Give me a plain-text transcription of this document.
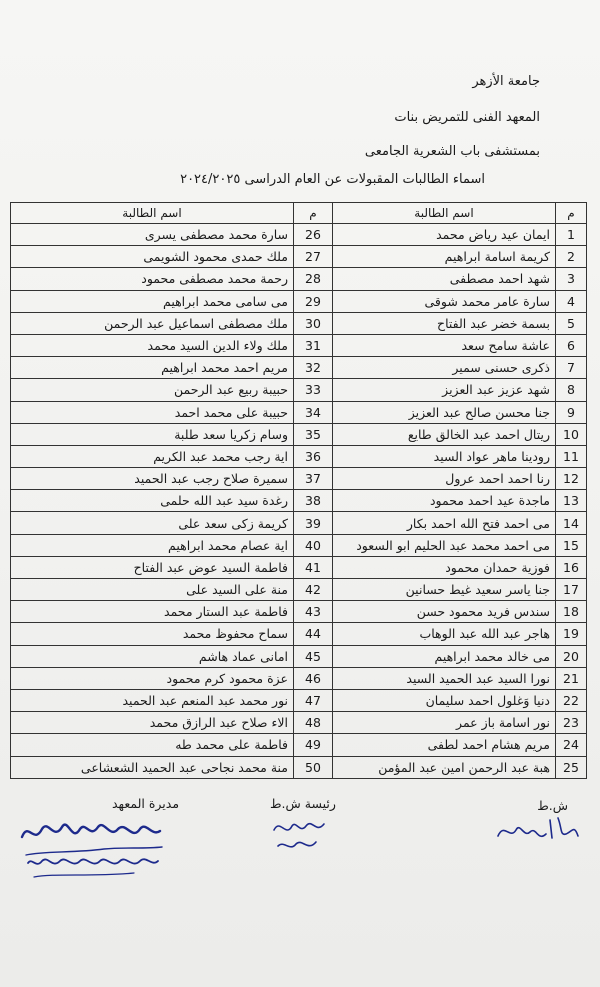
جامعة الأزهر
المعهد الفنى للتمريض بنات
بمستشفى باب الشعرية الجامعى
اسماء الطالبات المقبولات عن العام الدراسى ٢٠٢٤/٢٠٢٥
م	اسم الطالبة	م	اسم الطالبة
1	ايمان عيد رياض محمد	26	سارة محمد مصطفى يسرى
2	كريمة اسامة ابراهيم	27	ملك حمدى محمود الشويمى
3	شهد احمد مصطفى	28	رحمة محمد مصطفى محمود
4	سارة عامر محمد شوقى	29	مى سامى محمد ابراهيم
5	بسمة خضر عبد الفتاح	30	ملك مصطفى اسماعيل عبد الرحمن
6	عاشة سامح سعد	31	ملك ولاء الدين السيد محمد
7	ذكرى حسنى سمير	32	مريم احمد محمد ابراهيم
8	شهد عزيز عبد العزيز	33	حبيبة ربيع عبد الرحمن
9	جنا محسن صالح عبد العزيز	34	حبيبة على محمد احمد
10	ريتال احمد عبد الخالق طايع	35	وسام زكريا سعد طلبة
11	رودينا ماهر عواد السيد	36	اية رجب محمد عبد الكريم
12	رنا احمد احمد عرول	37	سميرة صلاح رجب عبد الحميد
13	ماجدة عيد احمد محمود	38	رغدة سيد عبد الله حلمى
14	مى احمد فتح الله احمد بكار	39	كريمة زكى سعد على
15	مى احمد محمد عبد الحليم ابو السعود	40	اية عصام محمد ابراهيم
16	فوزية حمدان محمود	41	فاطمة السيد عوض عبد الفتاح
17	جنا ياسر سعيد غيط حسانين	42	منة على السيد على
18	سندس فريد محمود حسن	43	فاطمة عبد الستار محمد
19	هاجر عبد الله عبد الوهاب	44	سماح محفوظ محمد
20	مى خالد محمد ابراهيم	45	امانى عماد هاشم
21	نورا السيد عبد الحميد السيد	46	عزة محمود كرم محمود
22	دنيا وَغلول احمد سليمان	47	نور محمد عبد المنعم عبد الحميد
23	نور اسامة باز عمر	48	الاء صلاح عبد الرازق محمد
24	مريم هشام احمد لطفى	49	فاطمة على محمد طه
25	هبة عبد الرحمن امين عبد المؤمن	50	منة محمد نجاحى عبد الحميد الشعشاعى
ش.ط
رئيسة ش.ط
مديرة المعهد
